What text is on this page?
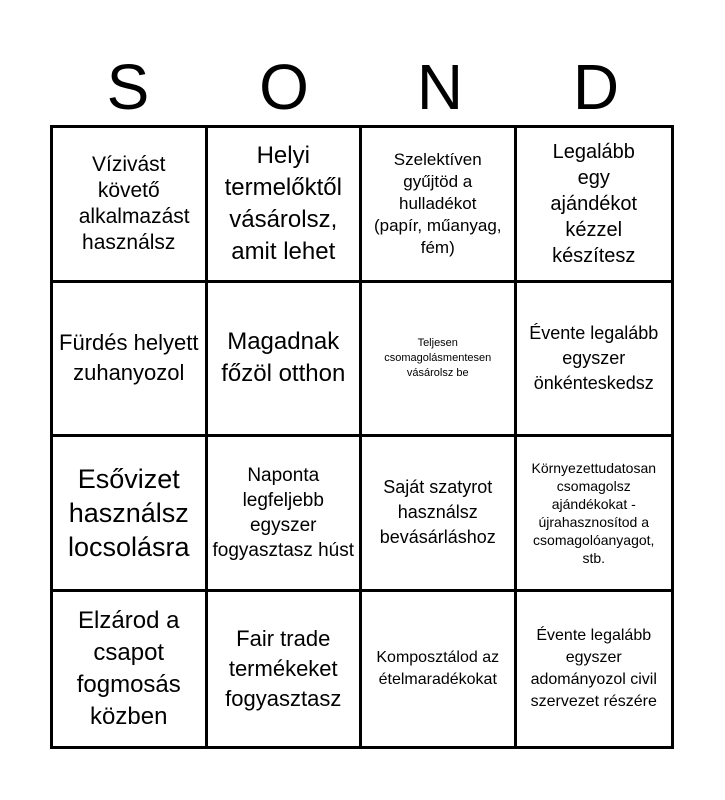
S	O	N	D
Vízivást követő alkalmazást használsz
Helyi termelőktől vásárolsz, amit lehet
Szelektíven gyűjtöd a hulladékot (papír, műanyag, fém)
Legalább egy ajándékot kézzel készítesz
Fürdés helyett zuhanyozol
Magadnak főzöl otthon
Teljesen csomagolásmentesen vásárolsz be
Évente legalább egyszer önkénteskedsz
Esővizet használsz locsolásra
Naponta legfeljebb egyszer fogyasztasz húst
Saját szatyrot használsz bevásárláshoz
Környezettudatosan csomagolsz ajándékokat - újrahasznosítod a csomagolóanyagot, stb.
Elzárod a csapot fogmosás közben
Fair trade termékeket fogyasztasz
Komposztálod az ételmaradékokat
Évente legalább egyszer adományozol civil szervezet részére
